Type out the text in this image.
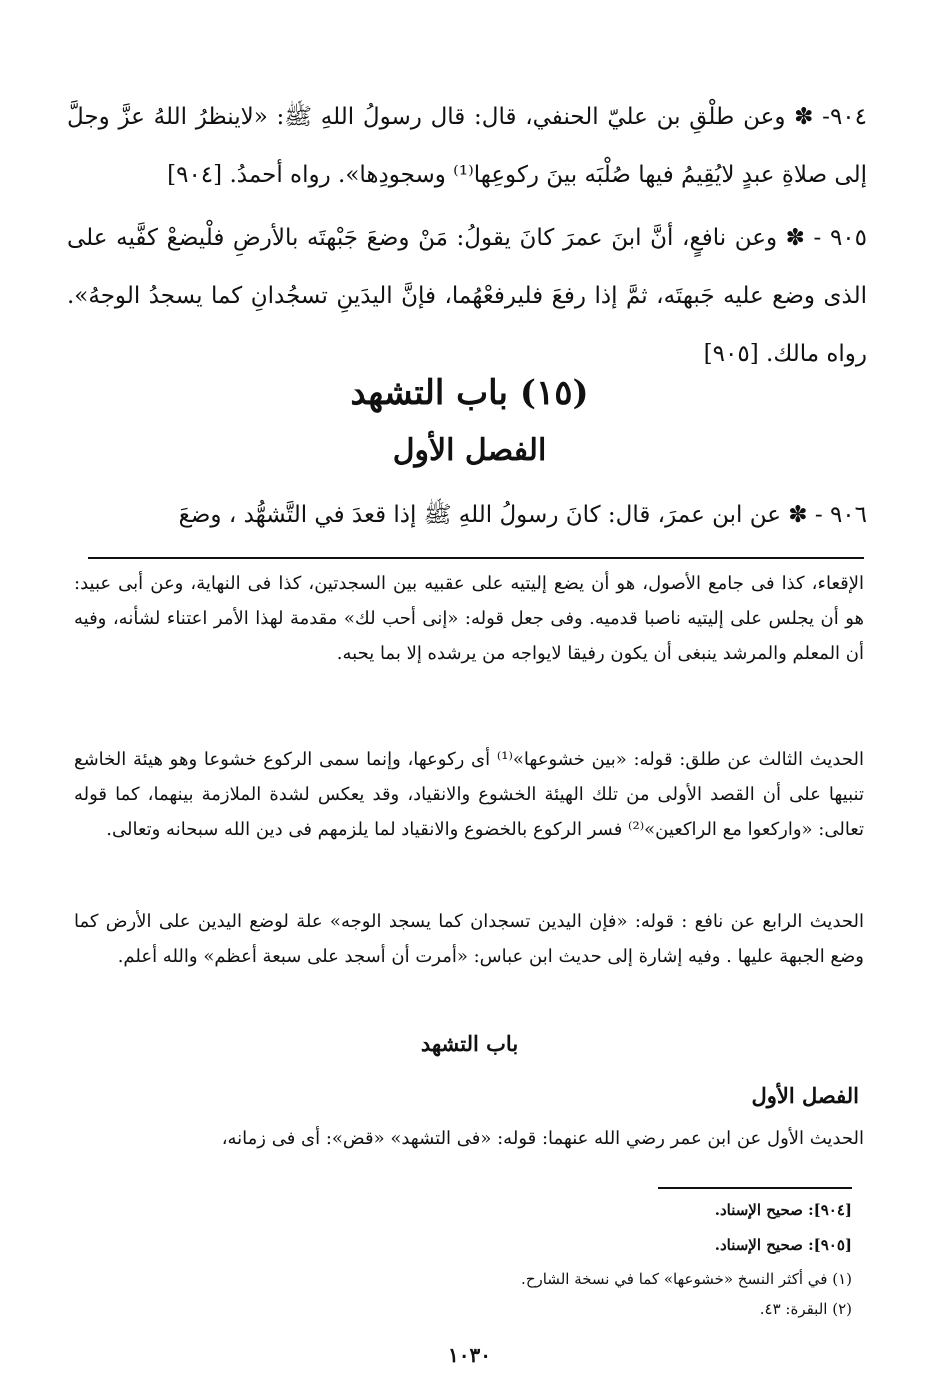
٩٠٤- ✽ وعن طلْقِ بن عليّ الحنفي، قال: قال رسولُ اللهِ ﷺ: «لاينظرُ اللهُ عزَّ وجلَّ إلى صلاةِ عبدٍ لايُقِيمُ فيها صُلْبَه بينَ ركوعِها⁽¹⁾ وسجودِها». رواه أحمدُ. [٩٠٤]

٩٠٥ - ✽ وعن نافعٍ، أنَّ ابنَ عمرَ كانَ يقولُ: مَنْ وضعَ جَبْهتَه بالأرضِ فلْيضعْ كفَّيه على الذى وضع عليه جَبهتَه، ثمَّ إذا رفعَ فليرفعْهُما، فإنَّ اليدَينِ تسجُدانِ كما يسجدُ الوجهُ». رواه مالك. [٩٠٥]

(١٥) باب التشهد
الفصل الأول

٩٠٦ - ✽ عن ابن عمرَ، قال: كانَ رسولُ اللهِ ﷺ إذا قعدَ في التَّشهُّد ، وضعَ

الإقعاء، كذا فى جامع الأصول، هو أن يضع إليتيه على عقبيه بين السجدتين، كذا فى النهاية، وعن أبى عبيد: هو أن يجلس على إليتيه ناصبا قدميه. وفى جعل قوله: «إنى أحب لك» مقدمة لهذا الأمر اعتناء لشأنه، وفيه أن المعلم والمرشد ينبغى أن يكون رفيقا لايواجه من يرشده إلا بما يحبه.

الحديث الثالث عن طلق: قوله: «بين خشوعها»⁽¹⁾ أى ركوعها، وإنما سمى الركوع خشوعا وهو هيئة الخاشع تنبيها على أن القصد الأولى من تلك الهيئة الخشوع والانقياد، وقد يعكس لشدة الملازمة بينهما، كما قوله تعالى: «واركعوا مع الراكعين»⁽²⁾ فسر الركوع بالخضوع والانقياد لما يلزمهم فى دين الله سبحانه وتعالى.

الحديث الرابع عن نافع : قوله: «فإن اليدين تسجدان كما يسجد الوجه» علة لوضع اليدين على الأرض كما وضع الجبهة عليها . وفيه إشارة إلى حديث ابن عباس: «أمرت أن أسجد على سبعة أعظم» والله أعلم.

باب التشهد
الفصل الأول

الحديث الأول عن ابن عمر رضي الله عنهما: قوله: «فى التشهد» «قض»: أى فى زمانه،

[٩٠٤]: صحيح الإسناد.
[٩٠٥]: صحيح الإسناد.
(١) في أكثر النسخ «خشوعها» كما في نسخة الشارح.
(٢) البقرة: ٤٣.
١٠٣٠
